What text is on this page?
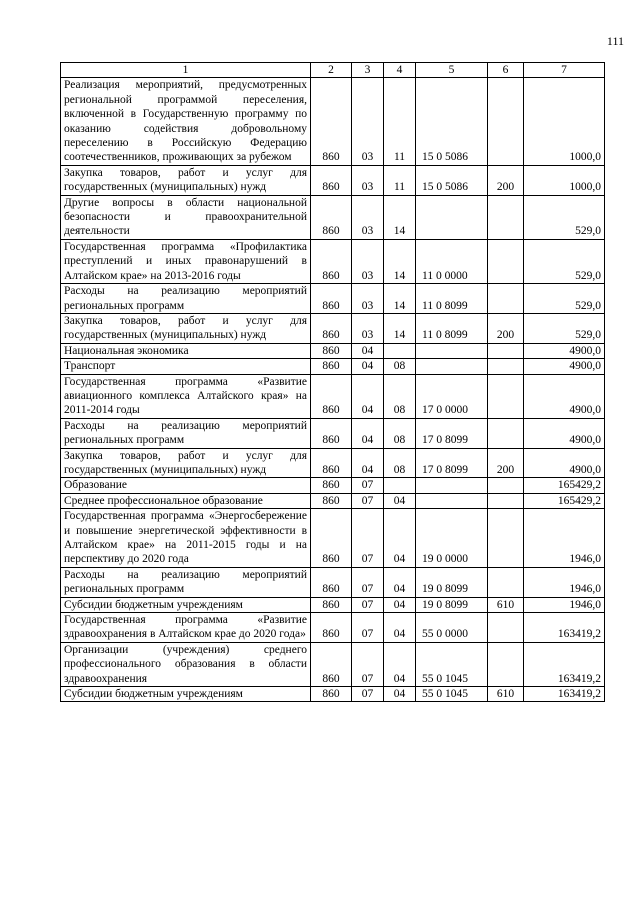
111
1	2	3	4	5	6	7

Реализация мероприятий, предусмотренных региональной программой переселения, включенной в Государственную программу по оказанию содействия добровольному переселению в Российскую Федерацию соотечественников, проживающих за рубежом	860	03	11	15 0 5086		1000,0

Закупка товаров, работ и услуг для государственных (муниципальных) нужд	860	03	11	15 0 5086	200	1000,0

Другие вопросы в области национальной безопасности и правоохранительной деятельности	860	03	14			529,0

Государственная программа «Профилактика преступлений и иных правонарушений в Алтайском крае» на 2013-2016 годы	860	03	14	11 0 0000		529,0

Расходы на реализацию мероприятий региональных программ	860	03	14	11 0 8099		529,0

Закупка товаров, работ и услуг для государственных (муниципальных) нужд	860	03	14	11 0 8099	200	529,0

Национальная экономика	860	04				4900,0

Транспорт	860	04	08			4900,0

Государственная программа «Развитие авиационного комплекса Алтайского края» на 2011-2014 годы	860	04	08	17 0 0000		4900,0

Расходы на реализацию мероприятий региональных программ	860	04	08	17 0 8099		4900,0

Закупка товаров, работ и услуг для государственных (муниципальных) нужд	860	04	08	17 0 8099	200	4900,0

Образование	860	07				165429,2

Среднее профессиональное образование	860	07	04			165429,2

Государственная программа «Энергосбережение и повышение энергетической эффективности в Алтайском крае» на 2011-2015 годы и на перспективу до 2020 года	860	07	04	19 0 0000		1946,0

Расходы на реализацию мероприятий региональных программ	860	07	04	19 0 8099		1946,0

Субсидии бюджетным учреждениям	860	07	04	19 0 8099	610	1946,0

Государственная программа «Развитие здравоохранения в Алтайском крае до 2020 года»	860	07	04	55 0 0000		163419,2

Организации (учреждения) среднего профессионального образования в области здравоохранения	860	07	04	55 0 1045		163419,2

Субсидии бюджетным учреждениям	860	07	04	55 0 1045	610	163419,2
